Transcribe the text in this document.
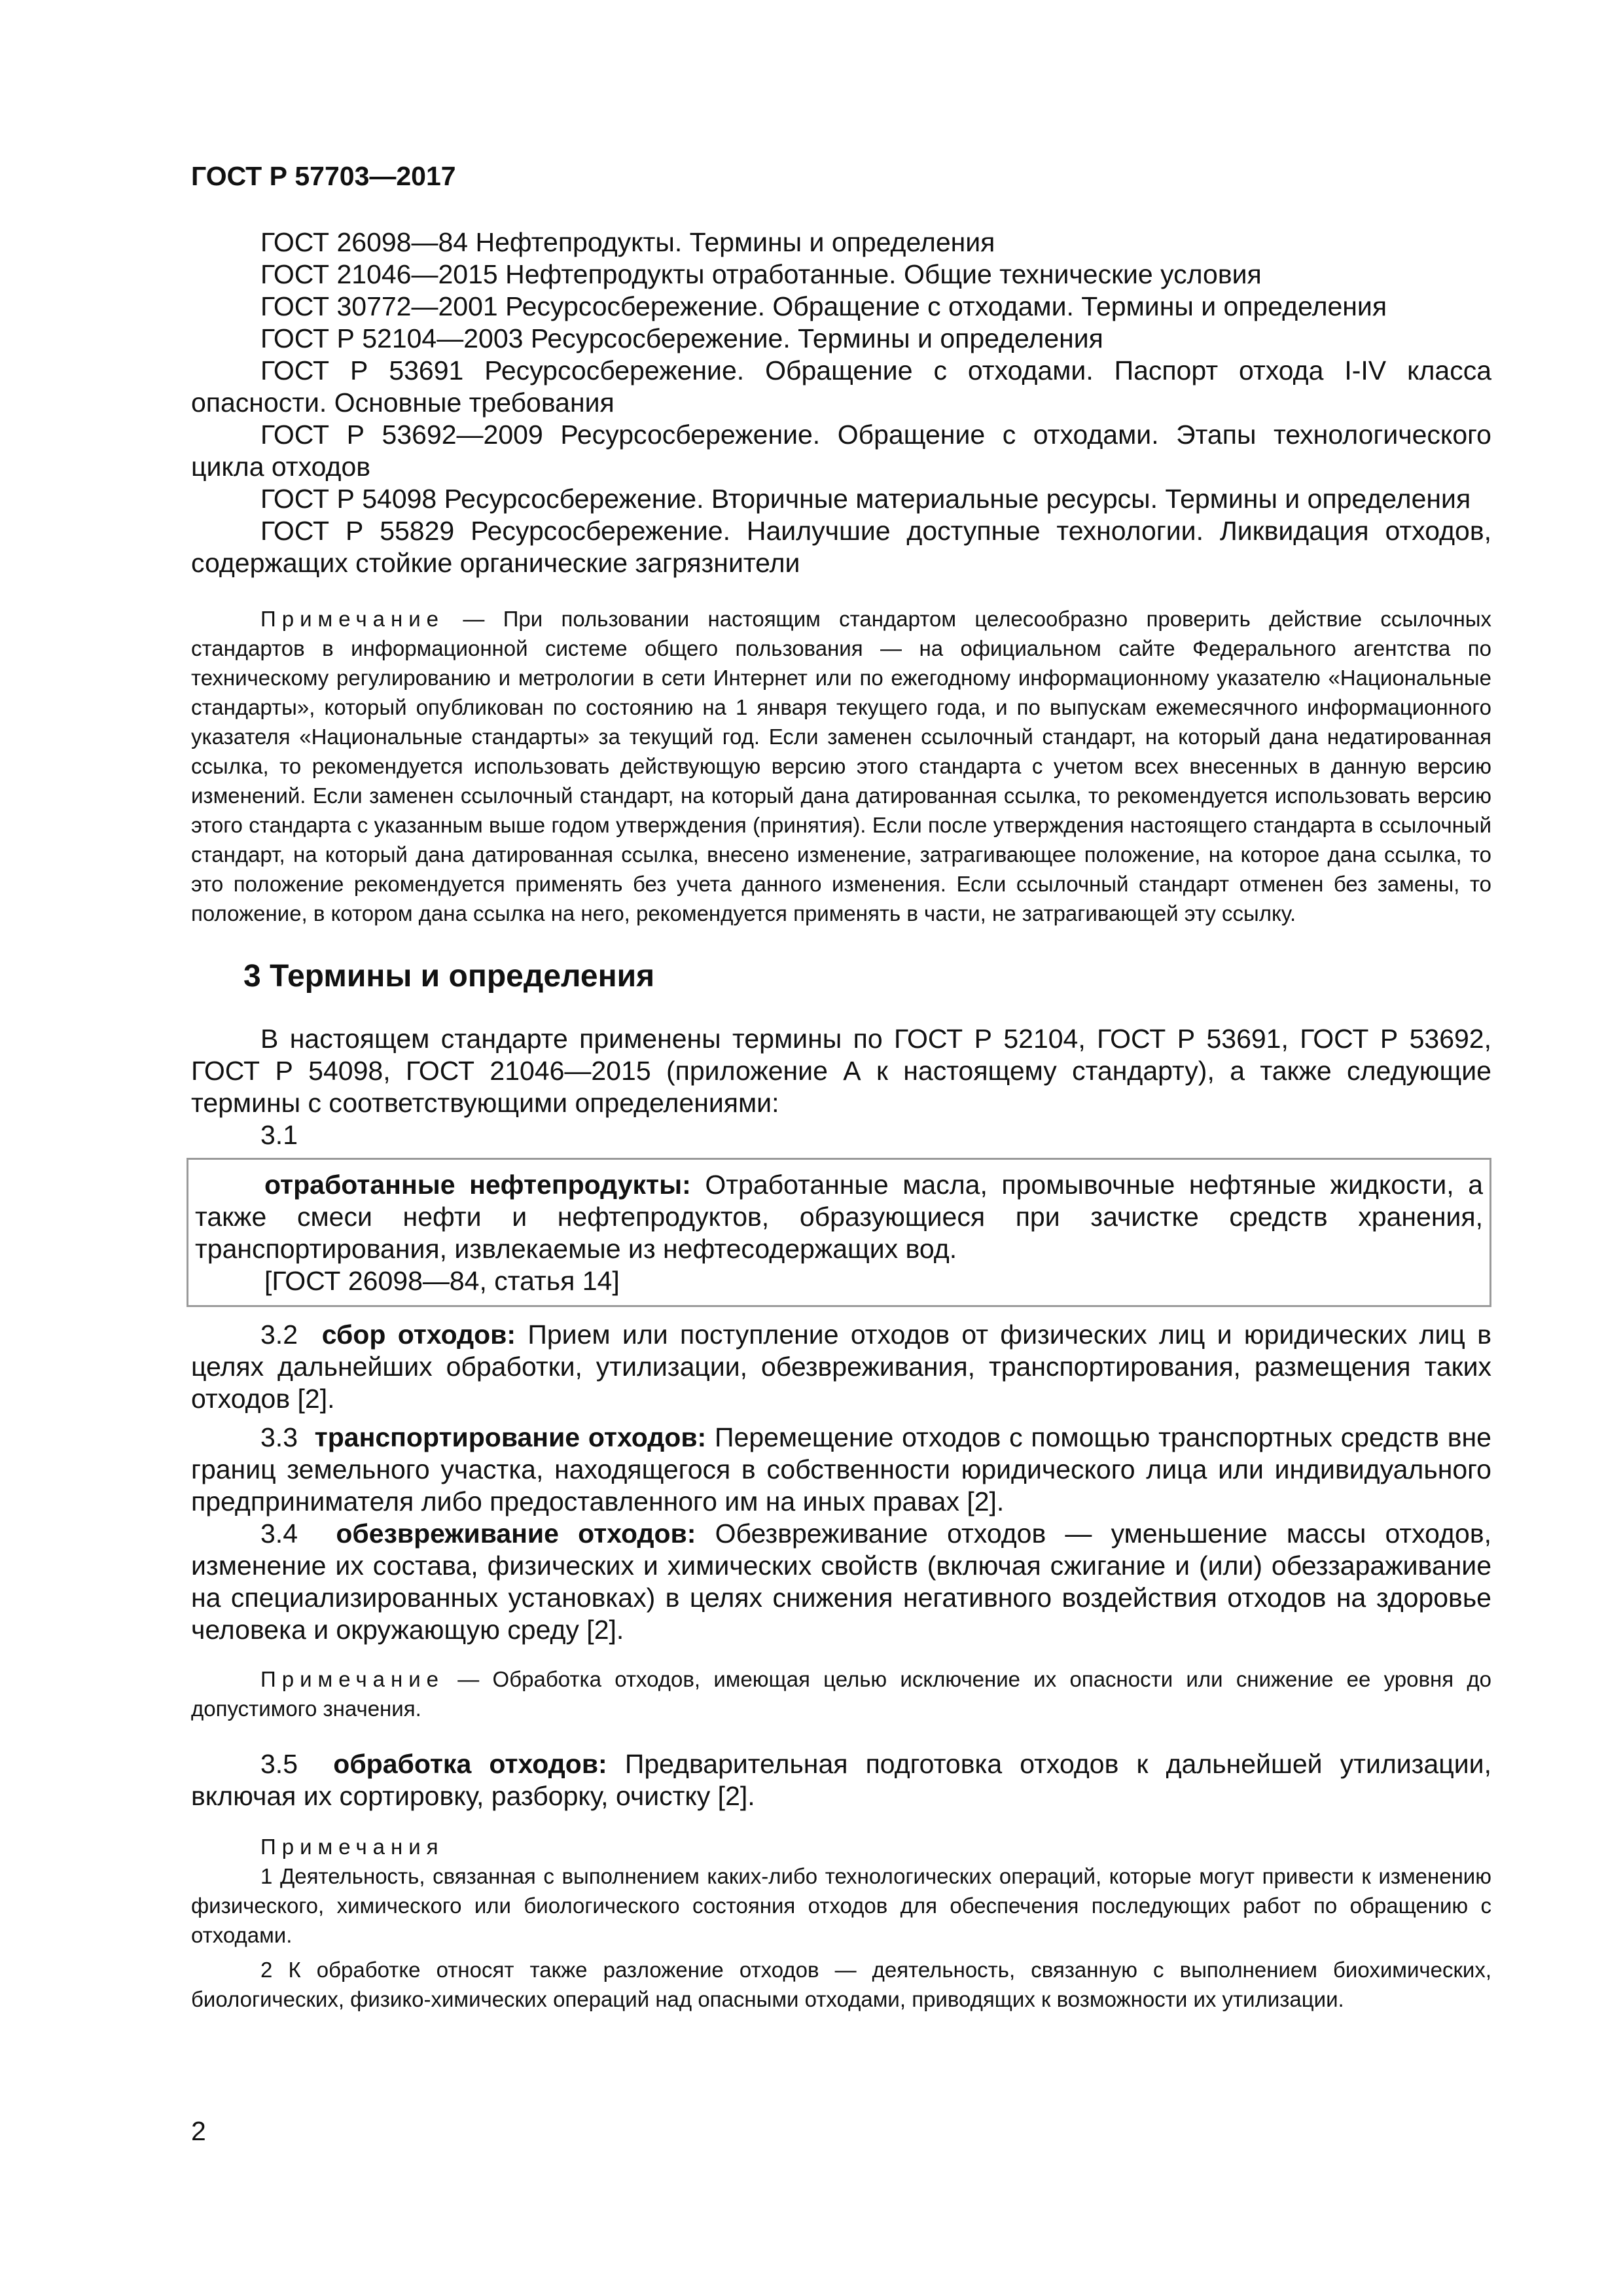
ГОСТ Р 57703—2017

ГОСТ 26098—84 Нефтепродукты. Термины и определения

ГОСТ 21046—2015 Нефтепродукты отработанные. Общие технические условия

ГОСТ 30772—2001 Ресурсосбережение. Обращение с отходами. Термины и определения

ГОСТ Р 52104—2003 Ресурсосбережение. Термины и определения

ГОСТ Р 53691 Ресурсосбережение. Обращение с отходами. Паспорт отхода I-IV класса опасности. Основные требования

ГОСТ Р 53692—2009 Ресурсосбережение. Обращение с отходами. Этапы технологического цикла отходов

ГОСТ Р 54098 Ресурсосбережение. Вторичные материальные ресурсы. Термины и определения

ГОСТ Р 55829 Ресурсосбережение. Наилучшие доступные технологии. Ликвидация отходов, содержащих стойкие органические загрязнители

Примечание — При пользовании настоящим стандартом целесообразно проверить действие ссылочных стандартов в информационной системе общего пользования — на официальном сайте Федерального агентства по техническому регулированию и метрологии в сети Интернет или по ежегодному информационному указателю «Национальные стандарты», который опубликован по состоянию на 1 января текущего года, и по выпускам ежемесячного информационного указателя «Национальные стандарты» за текущий год. Если заменен ссылочный стандарт, на который дана недатированная ссылка, то рекомендуется использовать действующую версию этого стандарта с учетом всех внесенных в данную версию изменений. Если заменен ссылочный стандарт, на который дана датированная ссылка, то рекомендуется использовать версию этого стандарта с указанным выше годом утверждения (принятия). Если после утверждения настоящего стандарта в ссылочный стандарт, на который дана датированная ссылка, внесено изменение, затрагивающее положение, на которое дана ссылка, то это положение рекомендуется применять без учета данного изменения. Если ссылочный стандарт отменен без замены, то положение, в котором дана ссылка на него, рекомендуется применять в части, не затрагивающей эту ссылку.

3 Термины и определения

В настоящем стандарте применены термины по ГОСТ Р 52104, ГОСТ Р 53691, ГОСТ Р 53692, ГОСТ Р 54098, ГОСТ 21046—2015 (приложение А к настоящему стандарту), а также следующие термины с соответствующими определениями:

3.1

отработанные нефтепродукты: Отработанные масла, промывочные нефтяные жидкости, а также смеси нефти и нефтепродуктов, образующиеся при зачистке средств хранения, транспортирования, извлекаемые из нефтесодержащих вод.

[ГОСТ 26098—84, статья 14]

3.2 сбор отходов: Прием или поступление отходов от физических лиц и юридических лиц в целях дальнейших обработки, утилизации, обезвреживания, транспортирования, размещения таких отходов [2].

3.3 транспортирование отходов: Перемещение отходов с помощью транспортных средств вне границ земельного участка, находящегося в собственности юридического лица или индивидуального предпринимателя либо предоставленного им на иных правах [2].

3.4 обезвреживание отходов: Обезвреживание отходов — уменьшение массы отходов, изменение их состава, физических и химических свойств (включая сжигание и (или) обеззараживание на специализированных установках) в целях снижения негативного воздействия отходов на здоровье человека и окружающую среду [2].

Примечание — Обработка отходов, имеющая целью исключение их опасности или снижение ее уровня до допустимого значения.

3.5 обработка отходов: Предварительная подготовка отходов к дальнейшей утилизации, включая их сортировку, разборку, очистку [2].

Примечания

1 Деятельность, связанная с выполнением каких-либо технологических операций, которые могут привести к изменению физического, химического или биологического состояния отходов для обеспечения последующих работ по обращению с отходами.

2 К обработке относят также разложение отходов — деятельность, связанную с выполнением биохимических, биологических, физико-химических операций над опасными отходами, приводящих к возможности их утилизации.

2
